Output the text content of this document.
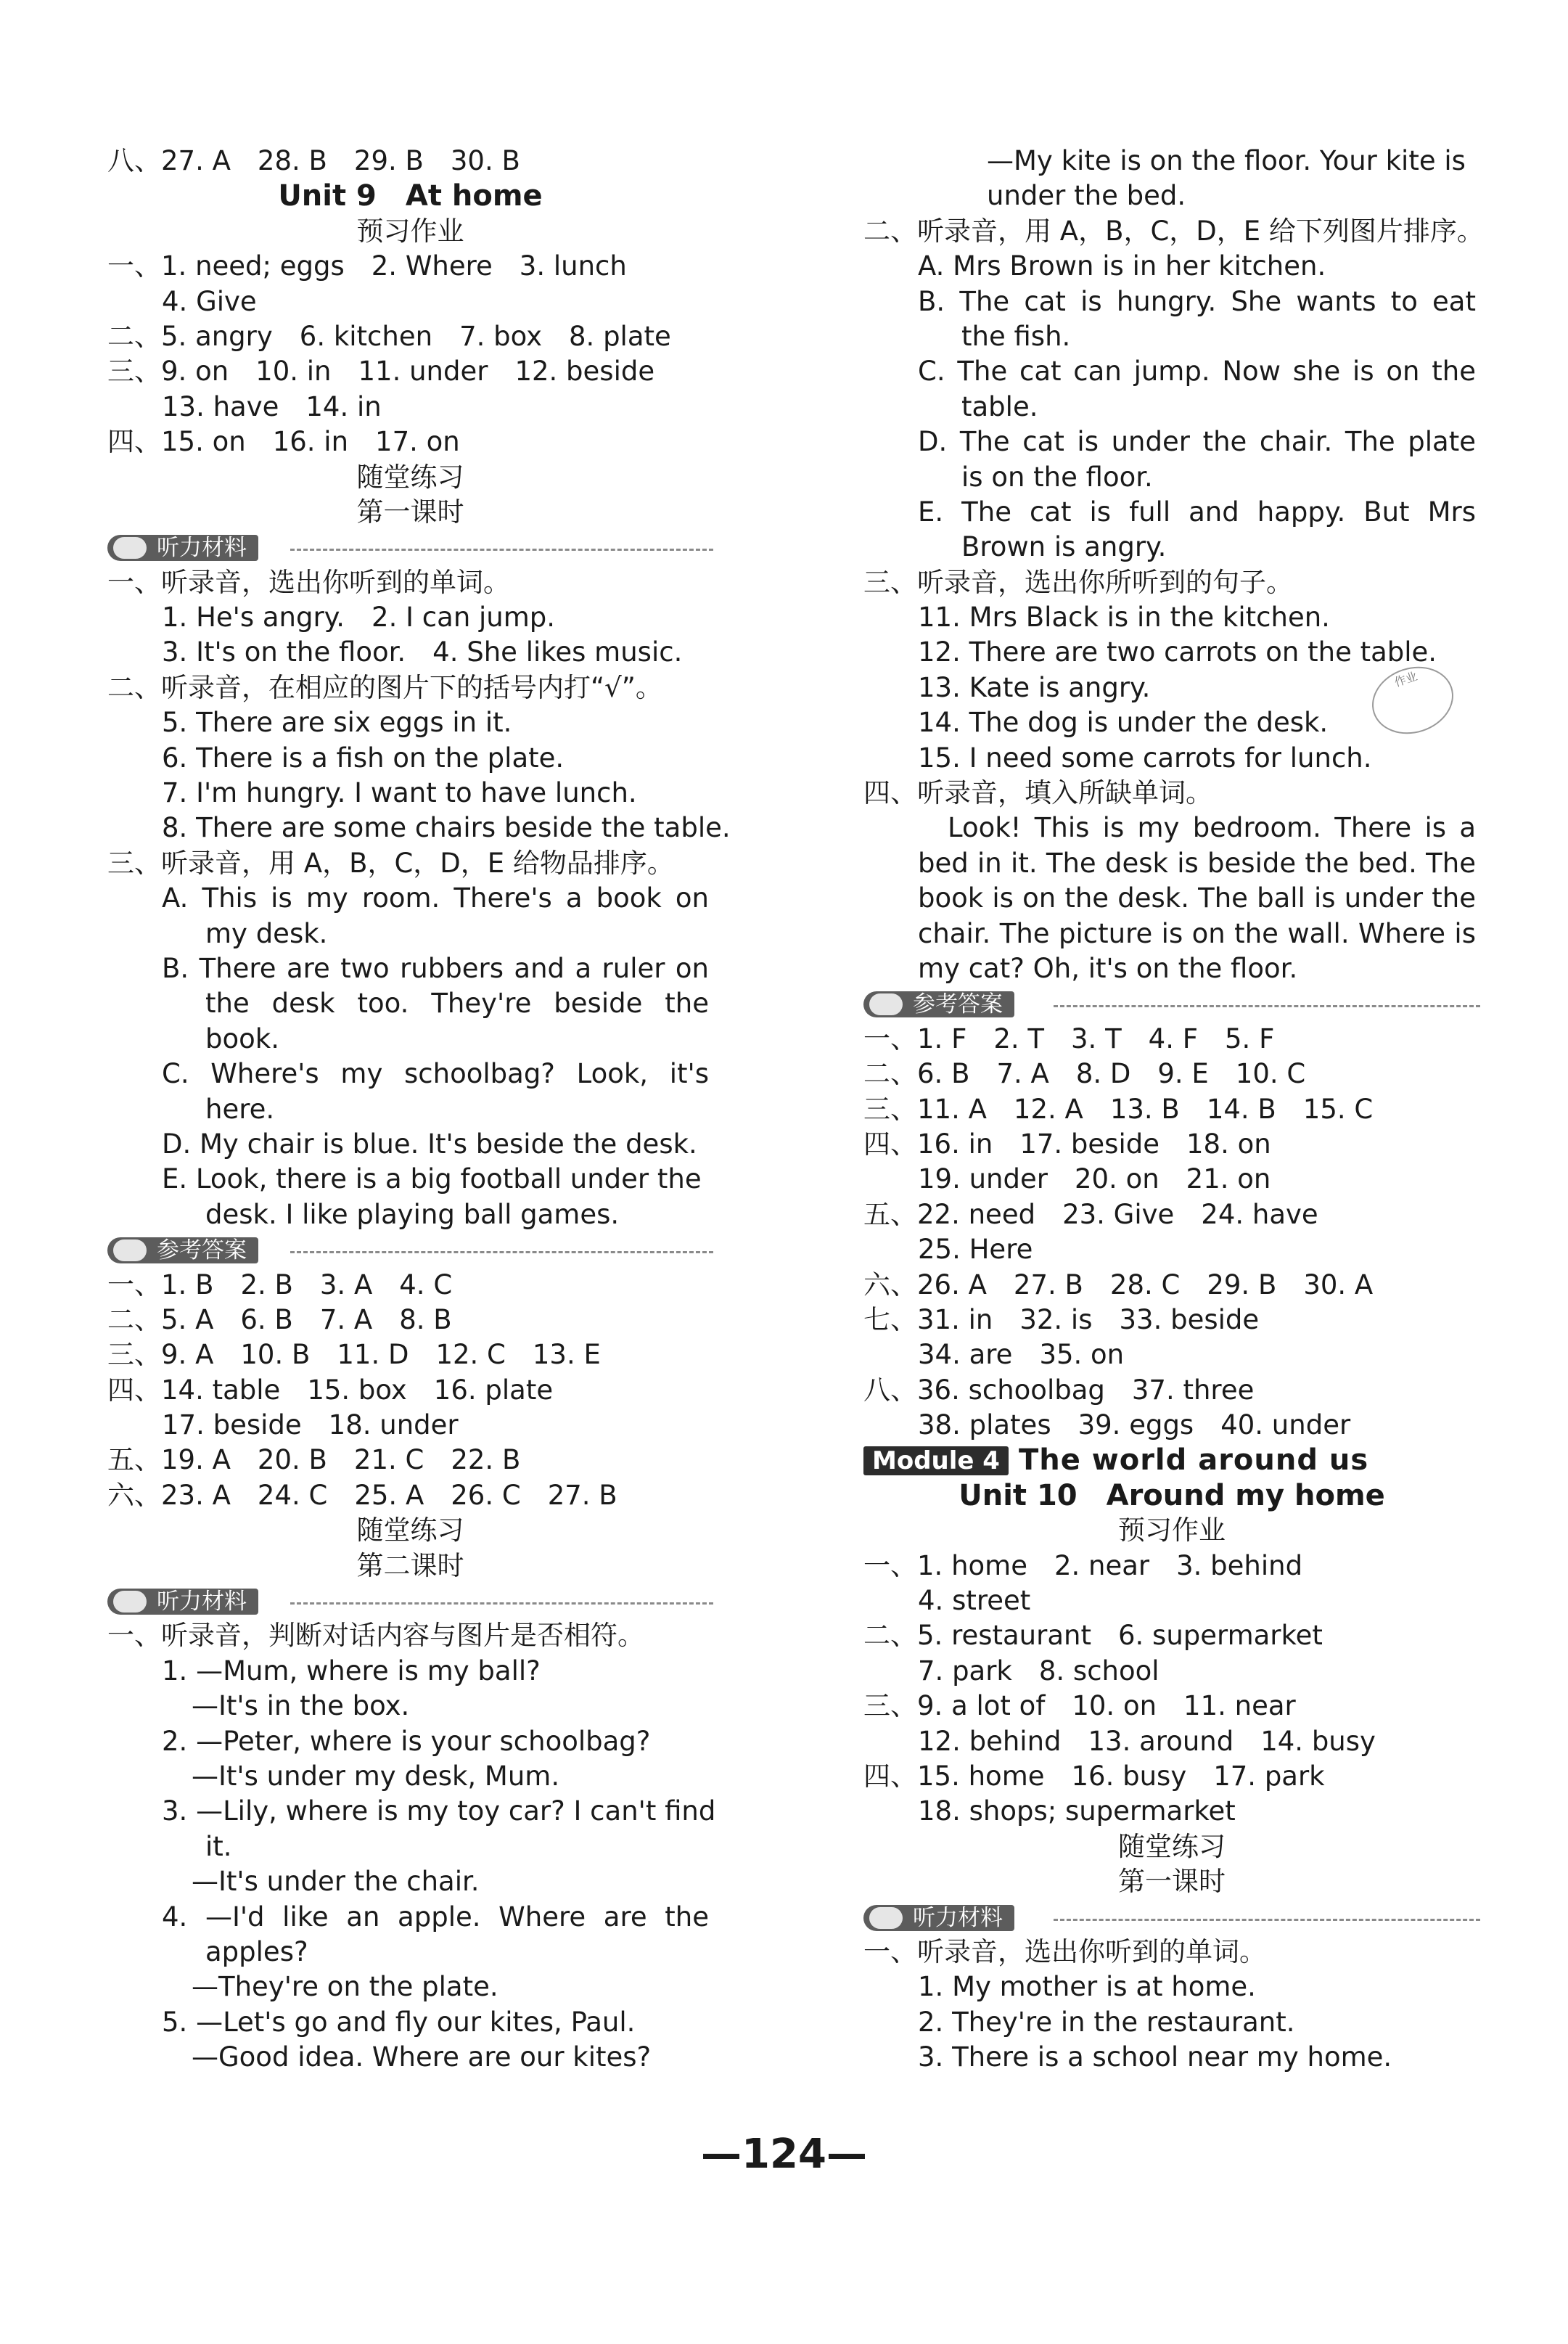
八、27. A　28. B　29. B　30. B
Unit 9　At home
预习作业
一、1. need; eggs　2. Where　3. lunch
4. Give
二、5. angry　6. kitchen　7. box　8. plate
三、9. on　10. in　11. under　12. beside
13. have　14. in
四、15. on　16. in　17. on
随堂练习
第一课时
听力材料
一、听录音，选出你听到的单词。
1. He's angry.　2. I can jump.
3. It's on the floor.　4. She likes music.
二、听录音，在相应的图片下的括号内打“√”。
5. There are six eggs in it.
6. There is a fish on the plate.
7. I'm hungry. I want to have lunch.
8. There are some chairs beside the table.
三、听录音，用 A，B，C，D，E 给物品排序。
A. This is my room. There's a book on
my desk.
B. There are two rubbers and a ruler on
the desk too. They're beside the
book.
C. Where's my schoolbag? Look, it's
here.
D. My chair is blue. It's beside the desk.
E. Look, there is a big football under the
desk. I like playing ball games.
参考答案
一、1. B　2. B　3. A　4. C
二、5. A　6. B　7. A　8. B
三、9. A　10. B　11. D　12. C　13. E
四、14. table　15. box　16. plate
17. beside　18. under
五、19. A　20. B　21. C　22. B
六、23. A　24. C　25. A　26. C　27. B
随堂练习
第二课时
听力材料
一、听录音，判断对话内容与图片是否相符。
1. —Mum, where is my ball?
—It's in the box.
2. —Peter, where is your schoolbag?
—It's under my desk, Mum.
3. —Lily, where is my toy car? I can't find
it.
—It's under the chair.
4. —I'd like an apple. Where are the
apples?
—They're on the plate.
5. —Let's go and fly our kites, Paul.
—Good idea. Where are our kites?
—My kite is on the floor. Your kite is
under the bed.
二、听录音，用 A，B，C，D，E 给下列图片排序。
A. Mrs Brown is in her kitchen.
B. The cat is hungry. She wants to eat
the fish.
C. The cat can jump. Now she is on the
table.
D. The cat is under the chair. The plate
is on the floor.
E. The cat is full and happy. But Mrs
Brown is angry.
三、听录音，选出你所听到的句子。
11. Mrs Black is in the kitchen.
12. There are two carrots on the table.
13. Kate is angry.
14. The dog is under the desk.
15. I need some carrots for lunch.
四、听录音，填入所缺单词。
Look! This is my bedroom. There is a
bed in it. The desk is beside the bed. The
book is on the desk. The ball is under the
chair. The picture is on the wall. Where is
my cat? Oh, it's on the floor.
参考答案
一、1. F　2. T　3. T　4. F　5. F
二、6. B　7. A　8. D　9. E　10. C
三、11. A　12. A　13. B　14. B　15. C
四、16. in　17. beside　18. on
19. under　20. on　21. on
五、22. need　23. Give　24. have
25. Here
六、26. A　27. B　28. C　29. B　30. A
七、31. in　32. is　33. beside
34. are　35. on
八、36. schoolbag　37. three
38. plates　39. eggs　40. under
Module 4 The world around us
Unit 10　Around my home
预习作业
一、1. home　2. near　3. behind
4. street
二、5. restaurant　6. supermarket
7. park　8. school
三、9. a lot of　10. on　11. near
12. behind　13. around　14. busy
四、15. home　16. busy　17. park
18. shops; supermarket
随堂练习
第一课时
听力材料
一、听录音，选出你听到的单词。
1. My mother is at home.
2. They're in the restaurant.
3. There is a school near my home.
作业
—124—
